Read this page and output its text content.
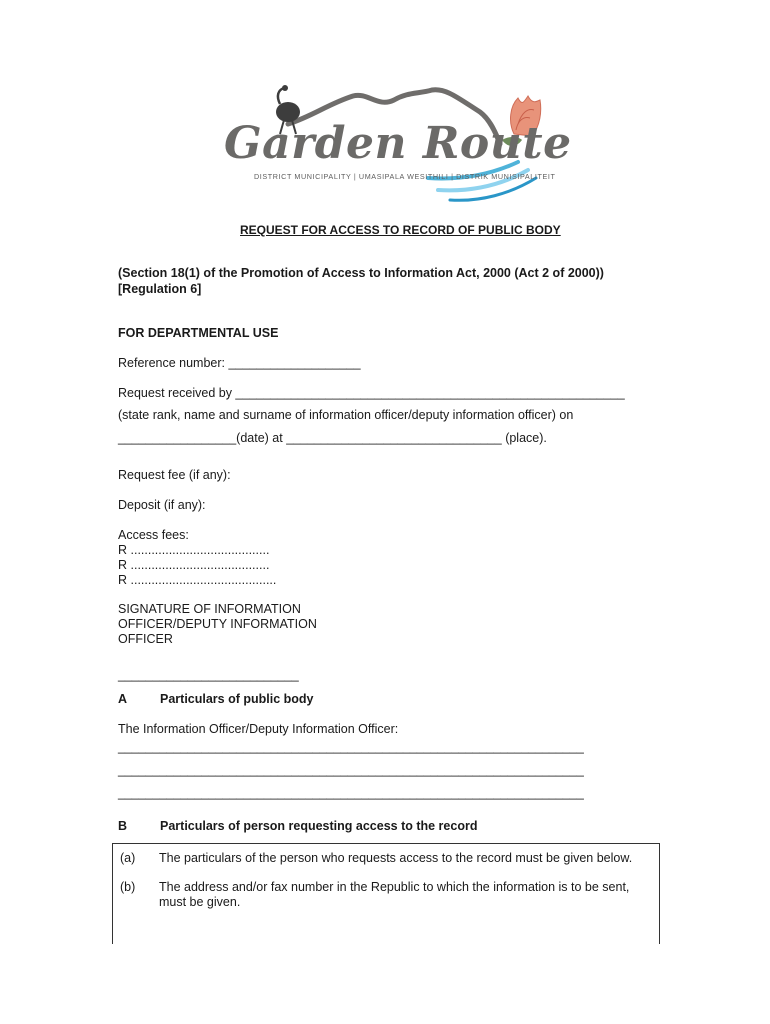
Garden Route
DISTRICT MUNICIPALITY | UMASIPALA WESITHILI | DISTRIK MUNISIPALITEIT
REQUEST FOR ACCESS TO RECORD OF PUBLIC BODY
(Section 18(1) of the Promotion of Access to Information Act, 2000 (Act 2 of 2000))
[Regulation 6]
FOR DEPARTMENTAL USE
Reference number: ___________________
Request received by ________________________________________________________
(state rank, name and surname of information officer/deputy information officer) on
_________________(date) at _______________________________ (place).
Request fee (if any):
Deposit (if any):
Access fees:
R ........................................
R ........................................
R ..........................................
SIGNATURE OF INFORMATION
OFFICER/DEPUTY INFORMATION
OFFICER
__________________________
A	Particulars of public body
The Information Officer/Deputy Information Officer:
___________________________________________________________________
___________________________________________________________________
___________________________________________________________________
B	Particulars of person requesting access to the record
(a) The particulars of the person who requests access to the record must be given below.
(b) The address and/or fax number in the Republic to which the information is to be sent, must be given.
